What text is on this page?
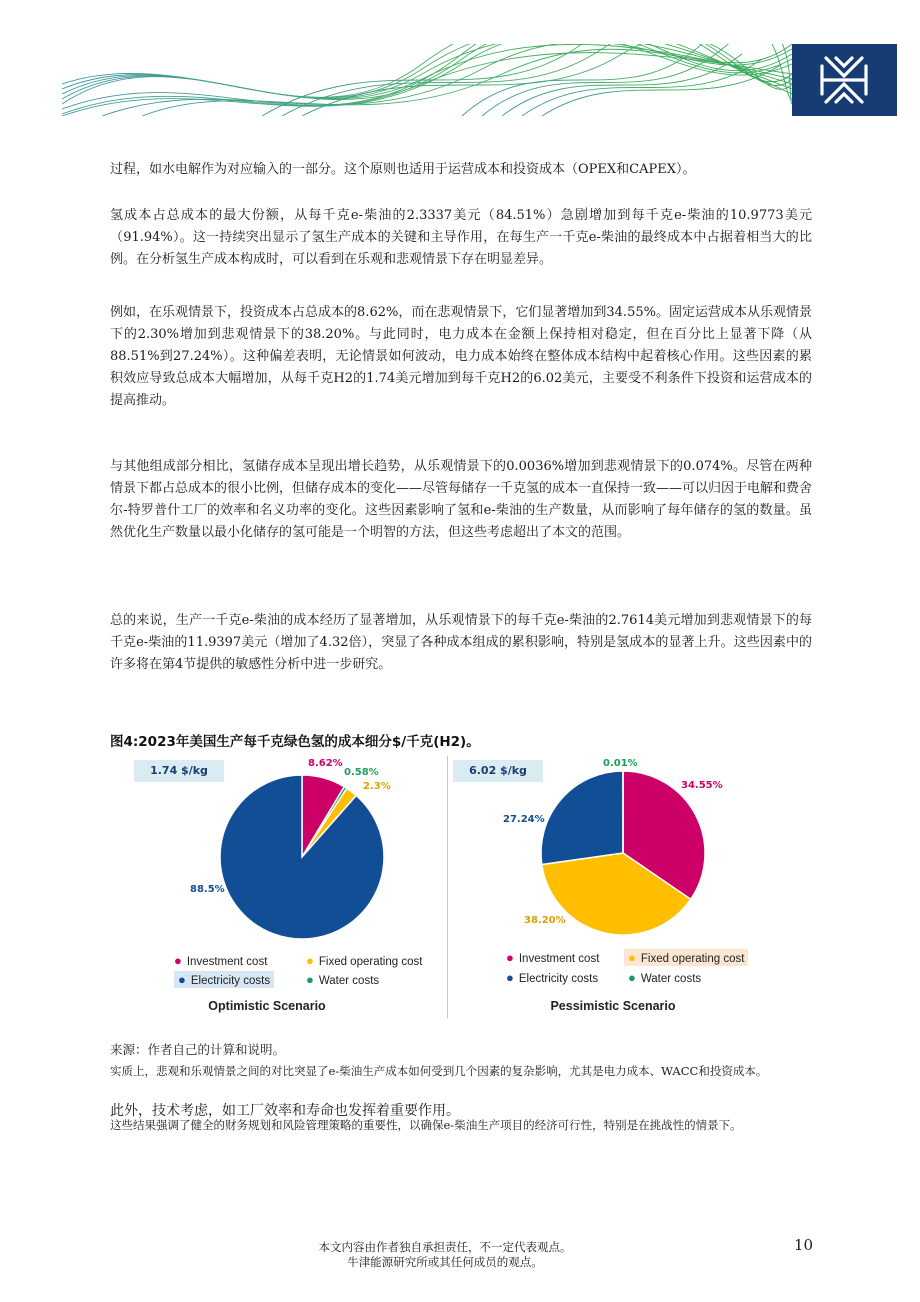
过程，如水电解作为对应输入的一部分。这个原则也适用于运营成本和投资成本（OPEX和CAPEX）。

氢成本占总成本的最大份额，从每千克e-柴油的2.3337美元（84.51%）急剧增加到每千克e-柴油的10.9773美元（91.94%）。这一持续突出显示了氢生产成本的关键和主导作用，在每生产一千克e-柴油的最终成本中占据着相当大的比例。在分析氢生产成本构成时，可以看到在乐观和悲观情景下存在明显差异。

例如，在乐观情景下，投资成本占总成本的8.62%，而在悲观情景下，它们显著增加到34.55%。固定运营成本从乐观情景下的2.30%增加到悲观情景下的38.20%。与此同时，电力成本在金额上保持相对稳定，但在百分比上显著下降（从88.51%到27.24%）。这种偏差表明，无论情景如何波动，电力成本始终在整体成本结构中起着核心作用。这些因素的累积效应导致总成本大幅增加，从每千克H2的1.74美元增加到每千克H2的6.02美元，主要受不利条件下投资和运营成本的提高推动。

与其他组成部分相比，氢储存成本呈现出增长趋势，从乐观情景下的0.0036%增加到悲观情景下的0.074%。尽管在两种情景下都占总成本的很小比例，但储存成本的变化——尽管每储存一千克氢的成本一直保持一致——可以归因于电解和费舍尔-特罗普什工厂的效率和名义功率的变化。这些因素影响了氢和e-柴油的生产数量，从而影响了每年储存的氢的数量。虽然优化生产数量以最小化储存的氢可能是一个明智的方法，但这些考虑超出了本文的范围。

总的来说，生产一千克e-柴油的成本经历了显著增加，从乐观情景下的每千克e-柴油的2.7614美元增加到悲观情景下的每千克e-柴油的11.9397美元（增加了4.32倍），突显了各种成本组成的累积影响，特别是氢成本的显著上升。这些因素中的许多将在第4节提供的敏感性分析中进一步研究。

图4:2023年美国生产每千克绿色氢的成本细分$/千克(H2)。

1.74 $/kg
8.62%
0.58%
2.3%
88.5%
● Investment cost	● Fixed operating cost
● Electricity costs	● Water costs
Optimistic Scenario
6.02 $/kg
0.01%
34.55%
27.24%
38.20%
● Investment cost	● Fixed operating cost
● Electricity costs	● Water costs
Pessimistic Scenario

来源：作者自己的计算和说明。

实质上，悲观和乐观情景之间的对比突显了e-柴油生产成本如何受到几个因素的复杂影响，尤其是电力成本、WACC和投资成本。

此外，技术考虑，如工厂效率和寿命也发挥着重要作用。

这些结果强调了健全的财务规划和风险管理策略的重要性，以确保e-柴油生产项目的经济可行性，特别是在挑战性的情景下。

本文内容由作者独自承担责任，不一定代表观点。
牛津能源研究所或其任何成员的观点。
10
